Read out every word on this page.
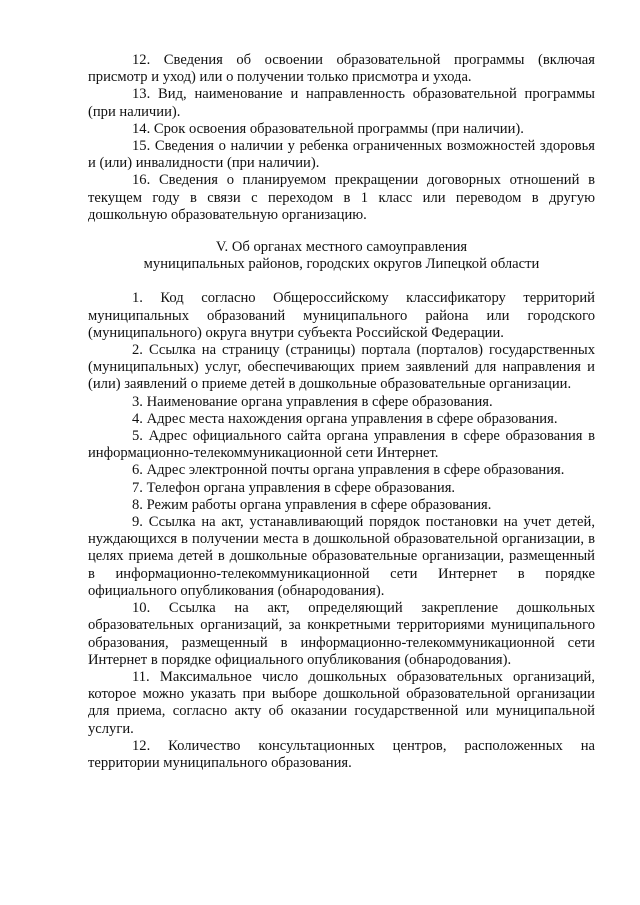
12. Сведения об освоении образовательной программы (включая присмотр и уход) или о получении только присмотра и ухода.

13. Вид, наименование и направленность образовательной программы (при наличии).

14. Срок освоения образовательной программы (при наличии).

15. Сведения о наличии у ребенка ограниченных возможностей здоровья и (или) инвалидности (при наличии).

16. Сведения о планируемом прекращении договорных отношений в текущем году в связи с переходом в 1 класс или переводом в другую дошкольную образовательную организацию.

V. Об органах местного самоуправления
муниципальных районов, городских округов Липецкой области

1. Код согласно Общероссийскому классификатору территорий муниципальных образований муниципального района или городского (муниципального) округа внутри субъекта Российской Федерации.

2. Ссылка на страницу (страницы) портала (порталов) государственных (муниципальных) услуг, обеспечивающих прием заявлений для направления и (или) заявлений о приеме детей в дошкольные образовательные организации.

3. Наименование органа управления в сфере образования.

4. Адрес места нахождения органа управления в сфере образования.

5. Адрес официального сайта органа управления в сфере образования в информационно-телекоммуникационной сети Интернет.

6. Адрес электронной почты органа управления в сфере образования.

7. Телефон органа управления в сфере образования.

8. Режим работы органа управления в сфере образования.

9. Ссылка на акт, устанавливающий порядок постановки на учет детей, нуждающихся в получении места в дошкольной образовательной организации, в целях приема детей в дошкольные образовательные организации, размещенный в информационно-телекоммуникационной сети Интернет в порядке официального опубликования (обнародования).

10. Ссылка на акт, определяющий закрепление дошкольных образовательных организаций, за конкретными территориями муниципального образования, размещенный в информационно-телекоммуникационной сети Интернет в порядке официального опубликования (обнародования).

11. Максимальное число дошкольных образовательных организаций, которое можно указать при выборе дошкольной образовательной организации для приема, согласно акту об оказании государственной или муниципальной услуги.

12. Количество консультационных центров, расположенных на территории муниципального образования.
